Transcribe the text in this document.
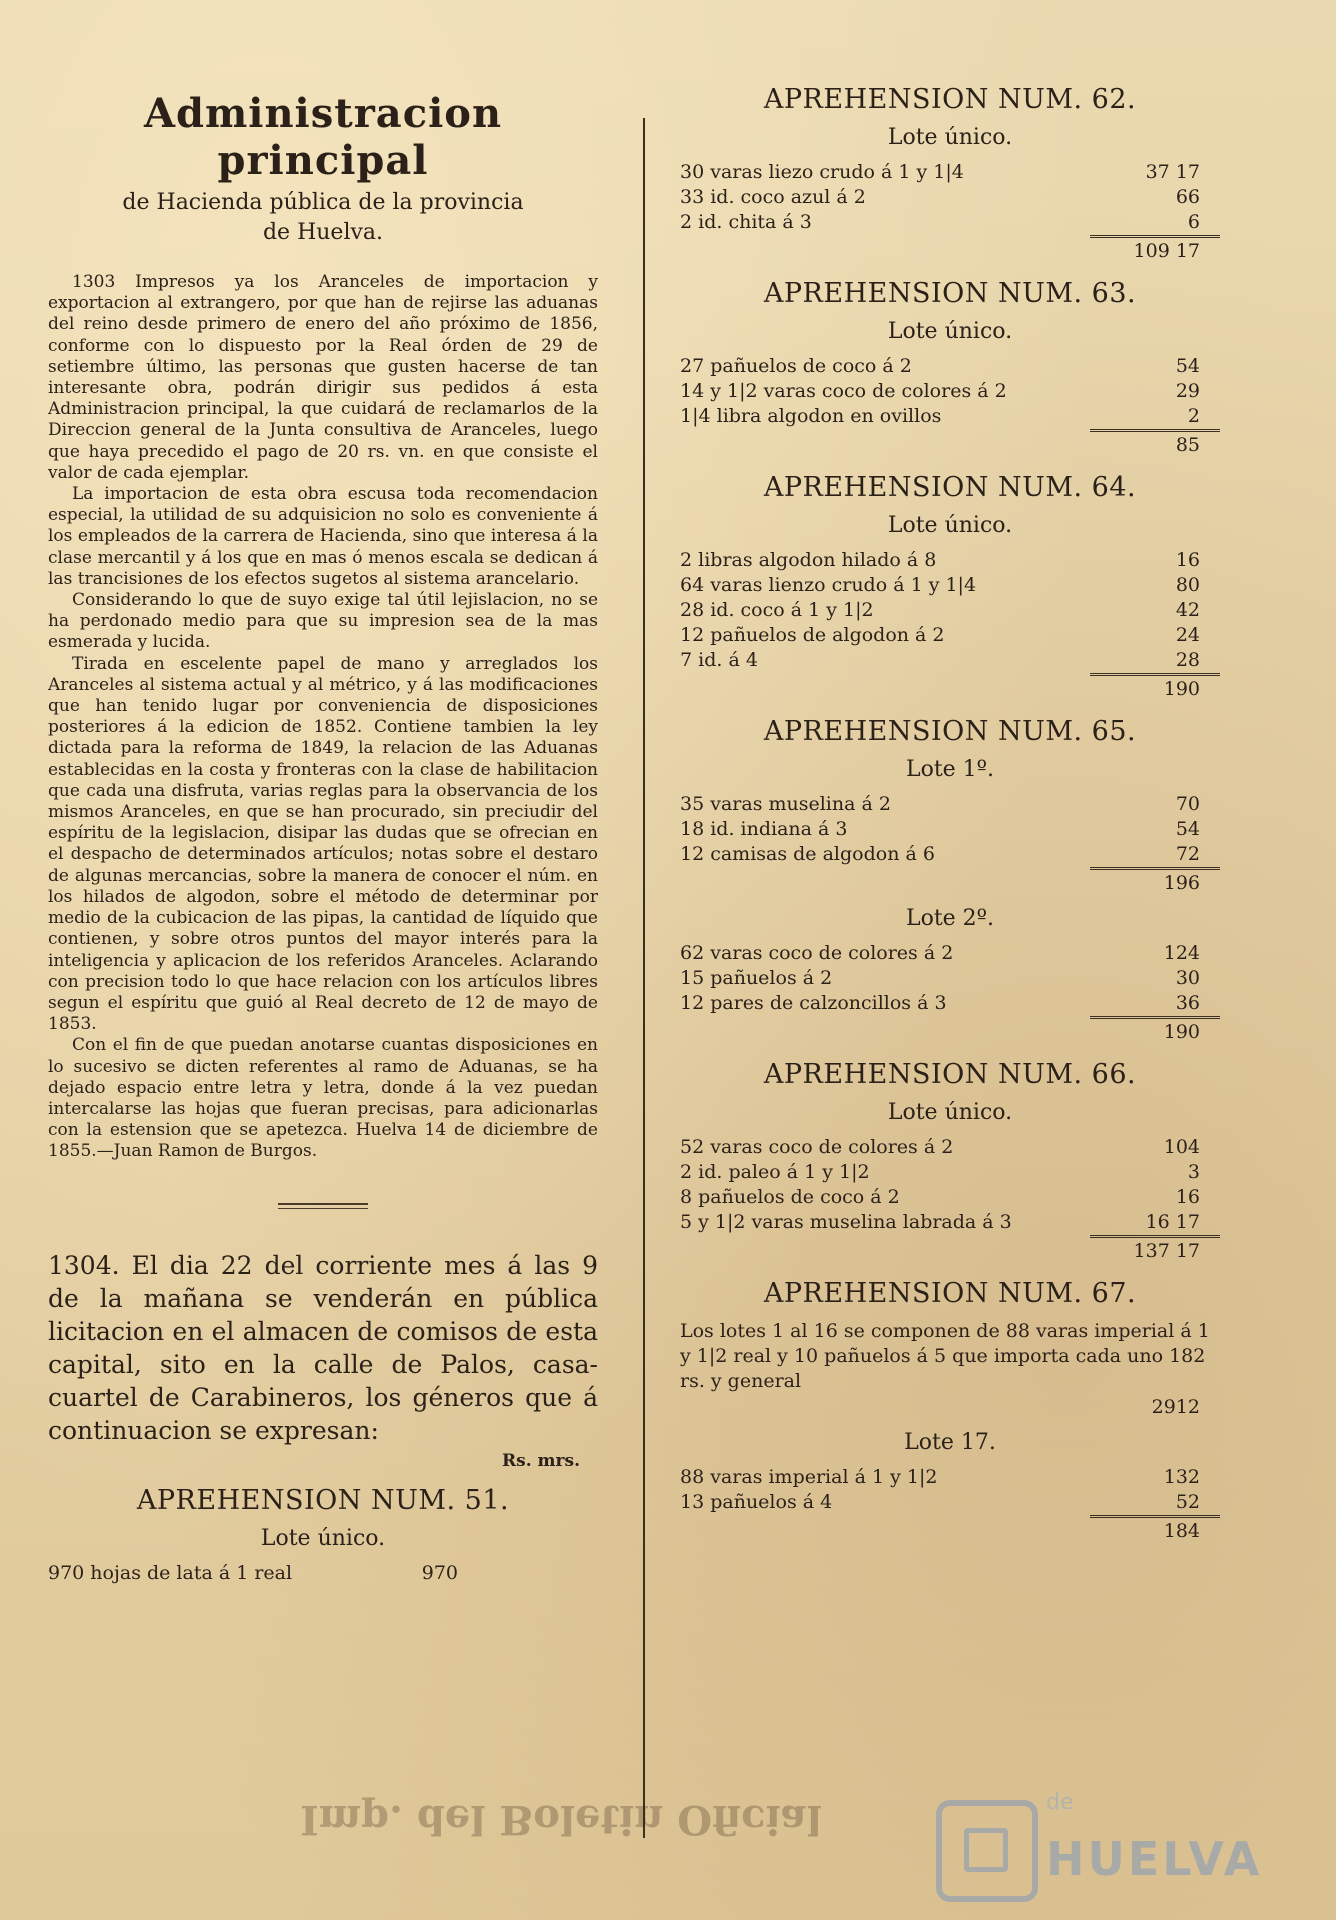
Administracion principal
de Hacienda pública de la provincia
de Huelva.

1303 Impresos ya los Aranceles de importacion y exportacion al extrangero, por que han de rejirse las aduanas del reino desde primero de enero del año próximo de 1856, conforme con lo dispuesto por la Real órden de 29 de setiembre último, las personas que gusten hacerse de tan interesante obra, podrán dirigir sus pedidos á esta Administracion principal, la que cuidará de reclamarlos de la Direccion general de la Junta consultiva de Aranceles, luego que haya precedido el pago de 20 rs. vn. en que consiste el valor de cada ejemplar.

La importacion de esta obra escusa toda recomendacion especial, la utilidad de su adquisicion no solo es conveniente á los empleados de la carrera de Hacienda, sino que interesa á la clase mercantil y á los que en mas ó menos escala se dedican á las trancisiones de los efectos sugetos al sistema arancelario.

Considerando lo que de suyo exige tal útil lejislacion, no se ha perdonado medio para que su impresion sea de la mas esmerada y lucida.

Tirada en escelente papel de mano y arreglados los Aranceles al sistema actual y al métrico, y á las modificaciones que han tenido lugar por conveniencia de disposiciones posteriores á la edicion de 1852. Contiene tambien la ley dictada para la reforma de 1849, la relacion de las Aduanas establecidas en la costa y fronteras con la clase de habilitacion que cada una disfruta, varias reglas para la observancia de los mismos Aranceles, en que se han procurado, sin preciudir del espíritu de la legislacion, disipar las dudas que se ofrecian en el despacho de determinados artículos; notas sobre el destaro de algunas mercancias, sobre la manera de conocer el núm. en los hilados de algodon, sobre el método de determinar por medio de la cubicacion de las pipas, la cantidad de líquido que contienen, y sobre otros puntos del mayor interés para la inteligencia y aplicacion de los referidos Aranceles. Aclarando con precision todo lo que hace relacion con los artículos libres segun el espíritu que guió al Real decreto de 12 de mayo de 1853.

Con el fin de que puedan anotarse cuantas disposiciones en lo sucesivo se dicten referentes al ramo de Aduanas, se ha dejado espacio entre letra y letra, donde á la vez puedan intercalarse las hojas que fueran precisas, para adicionarlas con la estension que se apetezca. Huelva 14 de diciembre de 1855.—Juan Ramon de Burgos.

1304. El dia 22 del corriente mes á las 9 de la mañana se venderán en pública licitacion en el almacen de comisos de esta capital, sito en la calle de Palos, casa-cuartel de Carabineros, los géneros que á continuacion se expresan:

Rs. mrs.
APREHENSION NUM. 51.
Lote único.
970 hojas de lata á 1 real	970
APREHENSION NUM. 62.
Lote único.
30 varas liezo crudo á 1 y 1|4	37 17
33 id. coco azul á 2	66
2 id. chita á 3	6
109 17
APREHENSION NUM. 63.
Lote único.
27 pañuelos de coco á 2	54
14 y 1|2 varas coco de colores á 2	29
1|4 libra algodon en ovillos	2
85
APREHENSION NUM. 64.
Lote único.
2 libras algodon hilado á 8	16
64 varas lienzo crudo á 1 y 1|4	80
28 id. coco á 1 y 1|2	42
12 pañuelos de algodon á 2	24
7 id. á 4	28
190
APREHENSION NUM. 65.
Lote 1º.
35 varas muselina á 2	70
18 id. indiana á 3	54
12 camisas de algodon á 6	72
196
Lote 2º.
62 varas coco de colores á 2	124
15 pañuelos á 2	30
12 pares de calzoncillos á 3	36
190
APREHENSION NUM. 66.
Lote único.
52 varas coco de colores á 2	104
2 id. paleo á 1 y 1|2	3
8 pañuelos de coco á 2	16
5 y 1|2 varas muselina labrada á 3	16 17
137 17
APREHENSION NUM. 67.
Los lotes 1 al 16 se componen de 88 varas imperial á 1 y 1|2 real y 10 pañuelos á 5 que importa cada uno 182 rs. y general
2912
Lote 17.
88 varas imperial á 1 y 1|2	132
13 pañuelos á 4	52
184
Imp. del Boletin Oficial	de
HUELVA
